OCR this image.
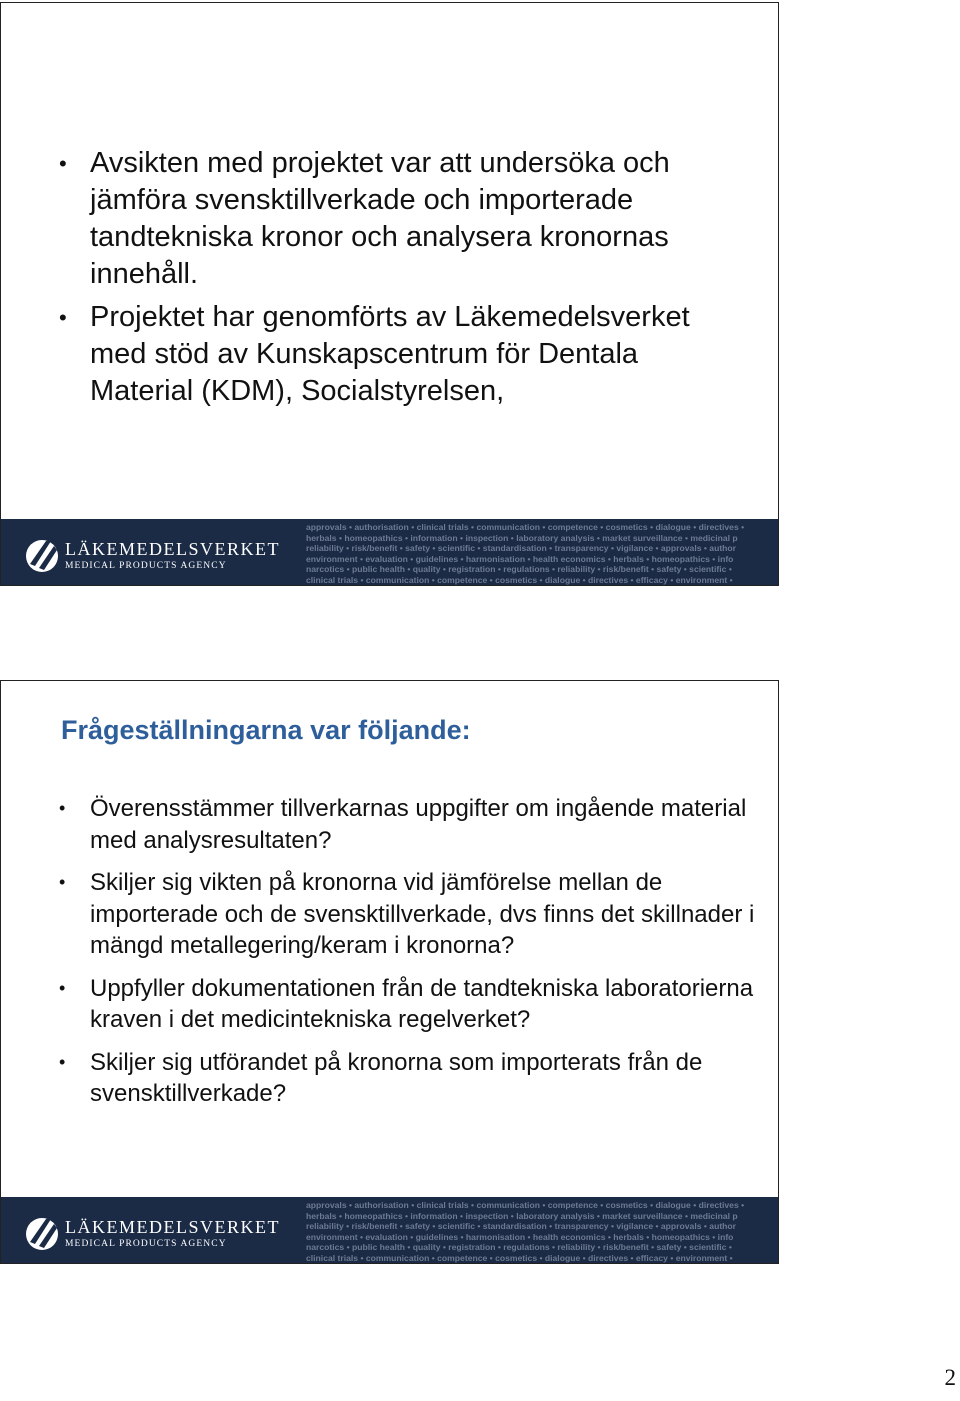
• Avsikten med projektet var att undersöka och jämföra svensktillverkade och importerade tandtekniska kronor och analysera kronornas innehåll.
• Projektet har genomförts av Läkemedelsverket med stöd av Kunskapscentrum för Dentala Material (KDM), Socialstyrelsen,
LÄKEMEDELSVERKET
MEDICAL PRODUCTS AGENCY
approvals • authorisation • clinical trials • communication • competence • cosmetics • dialogue • directives •
herbals • homeopathics • information • inspection • laboratory analysis • market surveillance • medicinal p
reliability • risk/benefit • safety • scientific • standardisation • transparency • vigilance • approvals • author
environment • evaluation • guidelines • harmonisation • health economics • herbals • homeopathics • info
narcotics • public health • quality • registration • regulations • reliability • risk/benefit • safety • scientific •
clinical trials • communication • competence • cosmetics • dialogue • directives • efficacy • environment •
Frågeställningarna var följande:
• Överensstämmer tillverkarnas uppgifter om ingående material med analysresultaten?
• Skiljer sig vikten på kronorna vid jämförelse mellan de importerade och de svensktillverkade, dvs finns det skillnader i mängd metallegering/keram i kronorna?
• Uppfyller dokumentationen från de tandtekniska laboratorierna kraven i det medicintekniska regelverket?
• Skiljer sig utförandet på kronorna som importerats från de svensktillverkade?
LÄKEMEDELSVERKET
MEDICAL PRODUCTS AGENCY
approvals • authorisation • clinical trials • communication • competence • cosmetics • dialogue • directives •
herbals • homeopathics • information • inspection • laboratory analysis • market surveillance • medicinal p
reliability • risk/benefit • safety • scientific • standardisation • transparency • vigilance • approvals • author
environment • evaluation • guidelines • harmonisation • health economics • herbals • homeopathics • info
narcotics • public health • quality • registration • regulations • reliability • risk/benefit • safety • scientific •
clinical trials • communication • competence • cosmetics • dialogue • directives • efficacy • environment •
2
